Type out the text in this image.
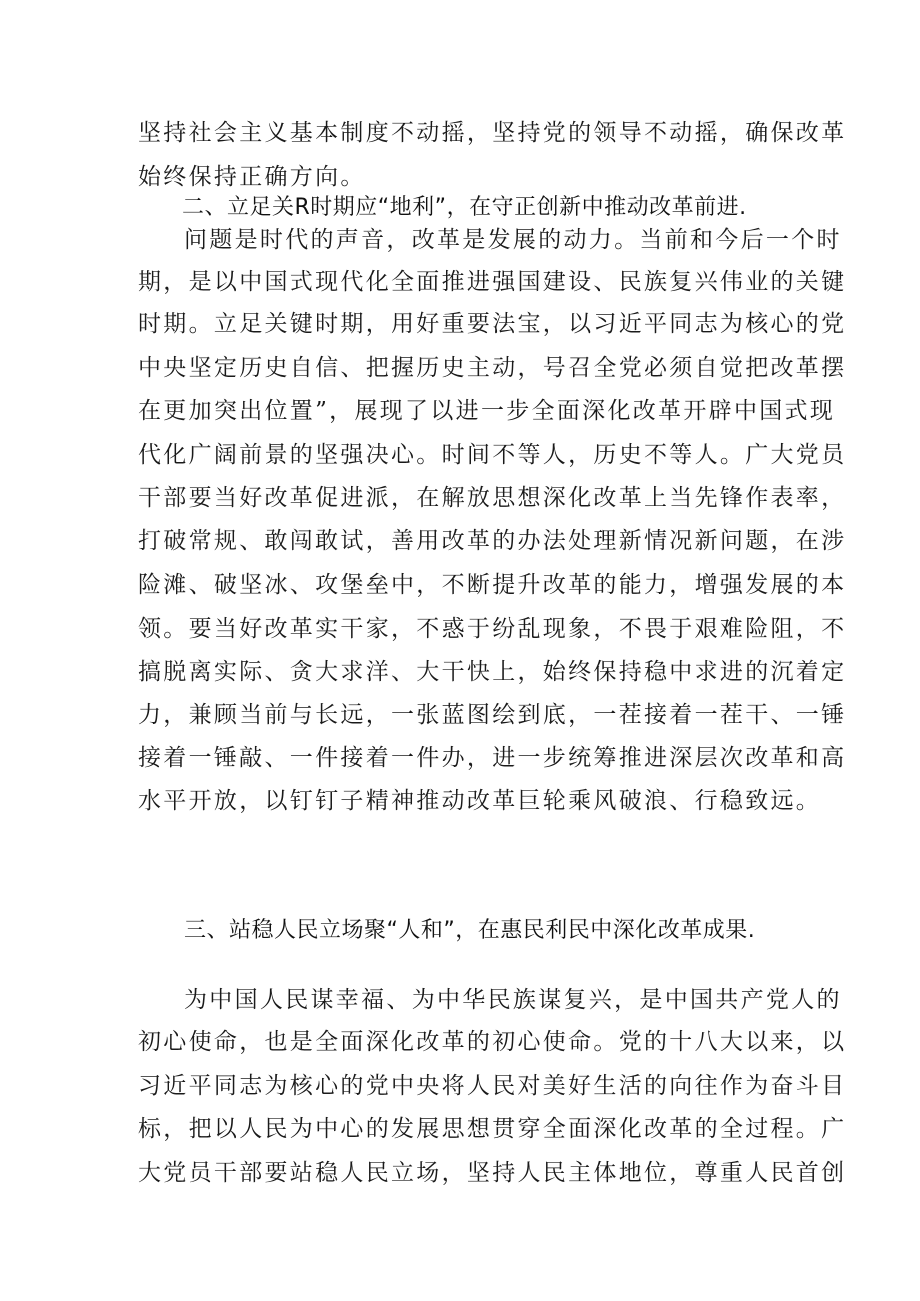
坚持社会主义基本制度不动摇，坚持党的领导不动摇，确保改革
始终保持正确方向。
二、立足关R时期应“地利”，在守正创新中推动改革前进.
问题是时代的声音，改革是发展的动力。当前和今后一个时
期，是以中国式现代化全面推进强国建设、民族复兴伟业的关键
时期。立足关键时期，用好重要法宝，以习近平同志为核心的党
中央坚定历史自信、把握历史主动，号召全党必须自觉把改革摆
在更加突出位置”，展现了以进一步全面深化改革开辟中国式现
代化广阔前景的坚强决心。时间不等人，历史不等人。广大党员
干部要当好改革促进派，在解放思想深化改革上当先锋作表率，
打破常规、敢闯敢试，善用改革的办法处理新情况新问题，在涉
险滩、破坚冰、攻堡垒中，不断提升改革的能力，增强发展的本
领。要当好改革实干家，不惑于纷乱现象，不畏于艰难险阻，不
搞脱离实际、贪大求洋、大干快上，始终保持稳中求进的沉着定
力，兼顾当前与长远，一张蓝图绘到底，一茬接着一茬干、一锤
接着一锤敲、一件接着一件办，进一步统筹推进深层次改革和高
水平开放，以钉钉子精神推动改革巨轮乘风破浪、行稳致远。
三、站稳人民立场聚“人和”，在惠民利民中深化改革成果.
为中国人民谋幸福、为中华民族谋复兴，是中国共产党人的
初心使命，也是全面深化改革的初心使命。党的十八大以来，以
习近平同志为核心的党中央将人民对美好生活的向往作为奋斗目
标，把以人民为中心的发展思想贯穿全面深化改革的全过程。广
大党员干部要站稳人民立场，坚持人民主体地位，尊重人民首创
